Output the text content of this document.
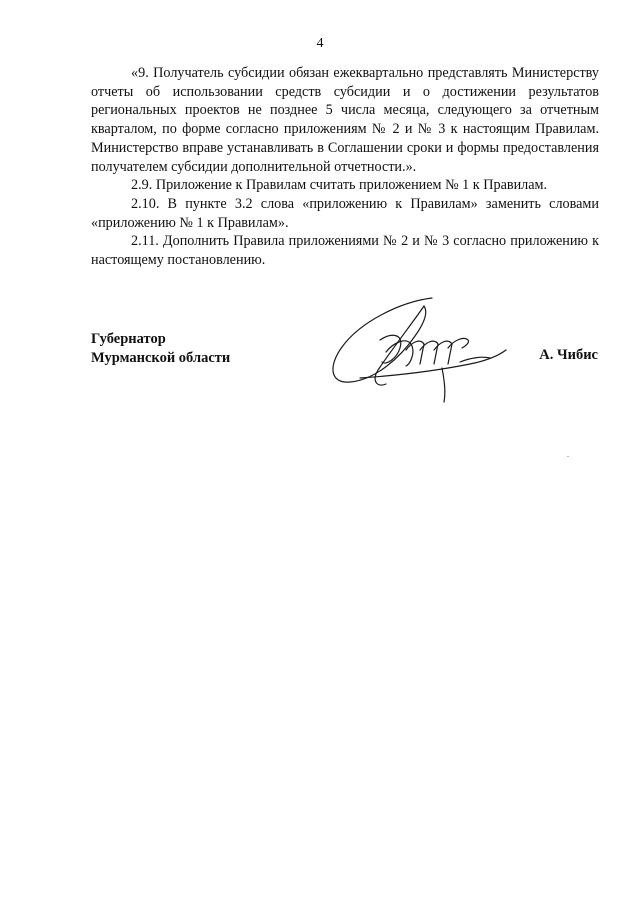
4

«9. Получатель субсидии обязан ежеквартально представлять Министерству отчеты об использовании средств субсидии и о достижении результатов региональных проектов не позднее 5 числа месяца, следующего за отчетным кварталом, по форме согласно приложениям № 2 и № 3 к настоящим Правилам. Министерство вправе устанавливать в Соглашении сроки и формы предоставления получателем субсидии дополнительной отчетности.».

2.9. Приложение к Правилам считать приложением № 1 к Правилам.

2.10. В пункте 3.2 слова «приложению к Правилам» заменить словами «приложению № 1 к Правилам».

2.11. Дополнить Правила приложениями № 2 и № 3 согласно приложению к настоящему постановлению.

Губернатор
Мурманской области	А. Чибис
